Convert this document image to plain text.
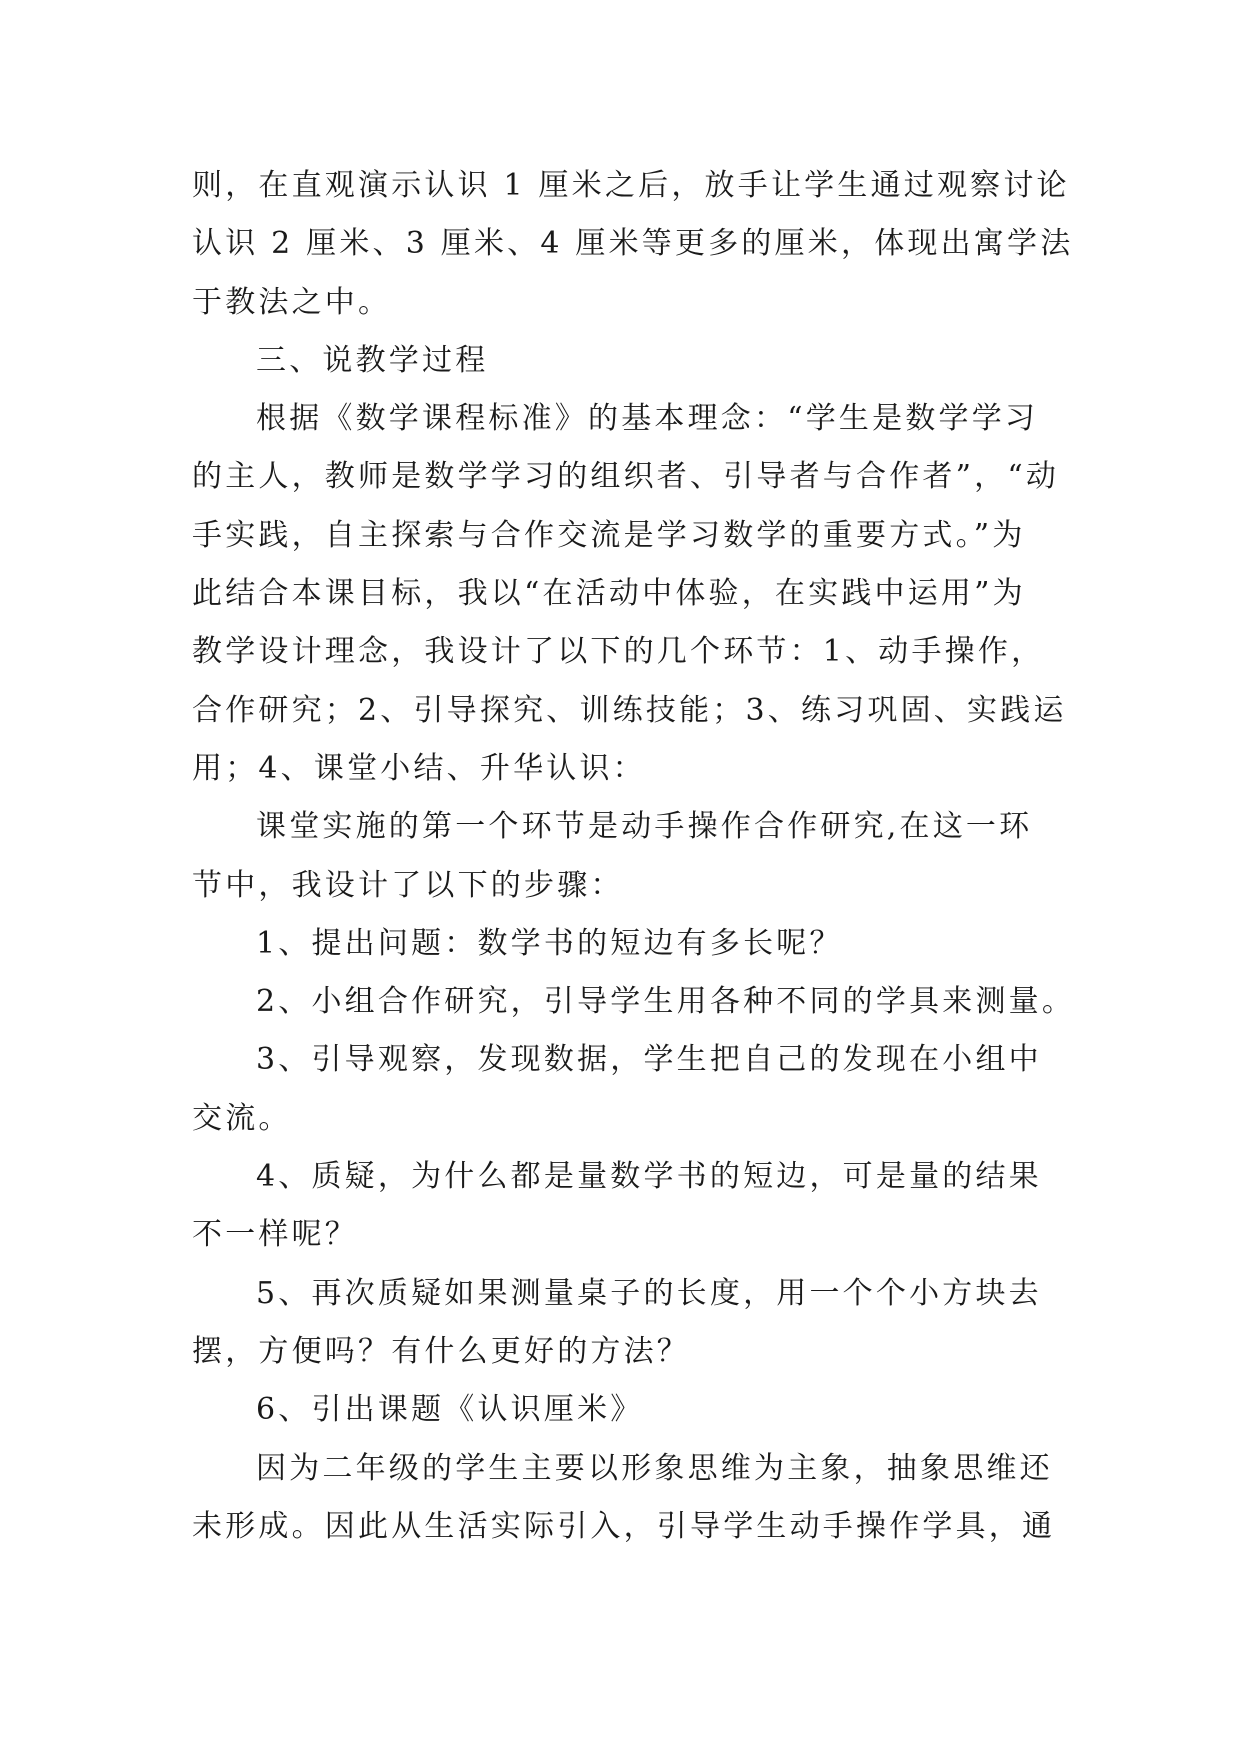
则，在直观演示认识 1 厘米之后，放手让学生通过观察讨论
认识 2 厘米、3 厘米、4 厘米等更多的厘米，体现出寓学法
于教法之中。
三、说教学过程
根据《数学课程标准》的基本理念：“学生是数学学习
的主人，教师是数学学习的组织者、引导者与合作者”，“动
手实践，自主探索与合作交流是学习数学的重要方式。”为
此结合本课目标，我以“在活动中体验，在实践中运用”为
教学设计理念，我设计了以下的几个环节：1、动手操作，
合作研究；2、引导探究、训练技能；3、练习巩固、实践运
用；4、课堂小结、升华认识：
课堂实施的第一个环节是动手操作合作研究,在这一环
节中，我设计了以下的步骤：
1、提出问题：数学书的短边有多长呢？
2、小组合作研究，引导学生用各种不同的学具来测量。
3、引导观察，发现数据，学生把自己的发现在小组中
交流。
4、质疑，为什么都是量数学书的短边，可是量的结果
不一样呢？
5、再次质疑如果测量桌子的长度，用一个个小方块去
摆，方便吗？有什么更好的方法？
6、引出课题《认识厘米》
因为二年级的学生主要以形象思维为主象，抽象思维还
未形成。因此从生活实际引入，引导学生动手操作学具，通
